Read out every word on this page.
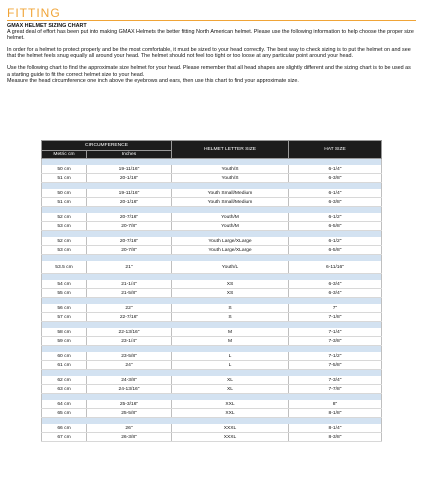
FITTING

GMAX HELMET SIZING CHART

A great deal of effort has been put into making GMAX Helmets the better fitting North American helmet. Please use the following information to help choose the proper size helmet.

In order for a helmet to protect properly and be the most comfortable, it must be sized to your head correctly. The best way to check sizing is to put the helmet on and see that the helmet feels snug equally all around your head. The helmet should not feel too tight or too loose at any particular point around your head.

Use the following chart to find the approximate size helmet for your head. Please remember that all head shapes are slightly different and the sizing chart is to be used as a starting guide to fit the correct helmet size to your head.

Measure the head circumference one inch above the eyebrows and ears, then use this chart to find your approximate size.

CIRCUMFERENCE		HELMET LETTER SIZE	HAT SIZE
Metric cm	Inches		

50 cm	19-11/16"	Youth/S	6-1/4"
51 cm	20-1/16"	Youth/S	6-3/8"

50 cm	19-11/16"	Youth Small/Medium	6-1/4"
51 cm	20-1/16"	Youth Small/Medium	6-3/8"

52 cm	20-7/16"	Youth/M	6-1/2"
53 cm	20-7/8"	Youth/M	6-5/8"

52 cm	20-7/16"	Youth Large/XLarge	6-1/2"
53 cm	20-7/8"	Youth Large/XLarge	6-5/8"

53.5 cm	21"	Youth/L	6-11/16"

54 cm	21-1/4"	XS	6-3/4"
55 cm	21-5/8"	XS	6-3/4"

56 cm	22"	S	7"
57 cm	22-7/16"	S	7-1/8"

58 cm	22-13/16"	M	7-1/4"
59 cm	23-1/4"	M	7-3/8"

60 cm	23-5/8"	L	7-1/2"
61 cm	24"	L	7-5/8"

62 cm	24-3/8"	XL	7-3/4"
63 cm	24-13/16"	XL	7-7/8"

64 cm	25-3/16"	XXL	8"
65 cm	25-5/8"	XXL	8-1/8"

66 cm	26"	XXXL	8-1/4"
67 cm	26-3/8"	XXXL	8-3/8"
